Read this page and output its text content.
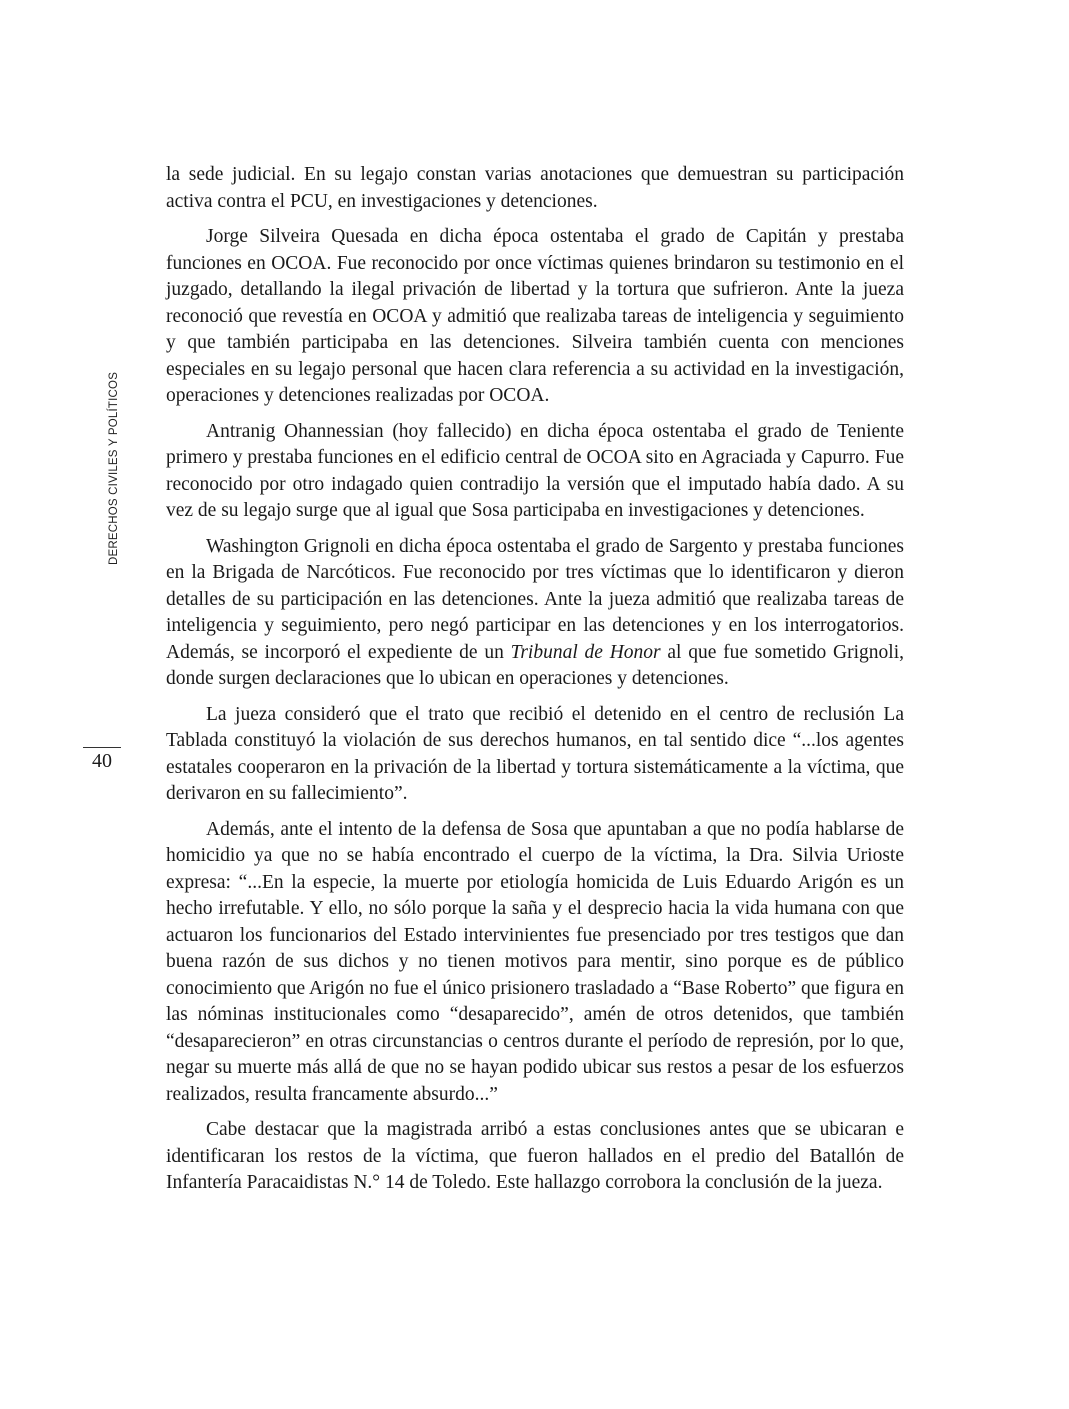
DERECHOS CIVILES Y POLÍTICOS
40

la sede judicial. En su legajo constan varias anotaciones que demuestran su participación activa contra el PCU, en investigaciones y detenciones.

Jorge Silveira Quesada en dicha época ostentaba el grado de Capitán y prestaba funciones en OCOA. Fue reconocido por once víctimas quienes brindaron su testimonio en el juzgado, detallando la ilegal privación de libertad y la tortura que sufrieron. Ante la jueza reconoció que revestía en OCOA y admitió que realizaba tareas de inteligencia y seguimiento y que también participaba en las detenciones. Silveira también cuenta con menciones especiales en su legajo personal que hacen clara referencia a su actividad en la investigación, operaciones y detenciones realizadas por OCOA.

Antranig Ohannessian (hoy fallecido) en dicha época ostentaba el grado de Teniente primero y prestaba funciones en el edificio central de OCOA sito en Agraciada y Capurro. Fue reconocido por otro indagado quien contradijo la versión que el imputado había dado. A su vez de su legajo surge que al igual que Sosa participaba en investigaciones y detenciones.

Washington Grignoli en dicha época ostentaba el grado de Sargento y prestaba funciones en la Brigada de Narcóticos. Fue reconocido por tres víctimas que lo identificaron y dieron detalles de su participación en las detenciones. Ante la jueza admitió que realizaba tareas de inteligencia y seguimiento, pero negó participar en las detenciones y en los interrogatorios. Además, se incorporó el expediente de un Tribunal de Honor al que fue sometido Grignoli, donde surgen declaraciones que lo ubican en operaciones y detenciones.

La jueza consideró que el trato que recibió el detenido en el centro de reclusión La Tablada constituyó la violación de sus derechos humanos, en tal sentido dice “...los agentes estatales cooperaron en la privación de la libertad y tortura sistemáticamente a la víctima, que derivaron en su fallecimiento”.

Además, ante el intento de la defensa de Sosa que apuntaban a que no podía hablarse de homicidio ya que no se había encontrado el cuerpo de la víctima, la Dra. Silvia Urioste expresa: “...En la especie, la muerte por etiología homicida de Luis Eduardo Arigón es un hecho irrefutable. Y ello, no sólo porque la saña y el desprecio hacia la vida humana con que actuaron los funcionarios del Estado intervinientes fue presenciado por tres testigos que dan buena razón de sus dichos y no tienen motivos para mentir, sino porque es de público conocimiento que Arigón no fue el único prisionero trasladado a “Base Roberto” que figura en las nóminas institucionales como “desaparecido”, amén de otros detenidos, que también “desaparecieron” en otras circunstancias o centros durante el período de represión, por lo que, negar su muerte más allá de que no se hayan podido ubicar sus restos a pesar de los esfuerzos realizados, resulta francamente absurdo...”

Cabe destacar que la magistrada arribó a estas conclusiones antes que se ubicaran e identificaran los restos de la víctima, que fueron hallados en el predio del Batallón de Infantería Paracaidistas N.° 14 de Toledo. Este hallazgo corrobora la conclusión de la jueza.
